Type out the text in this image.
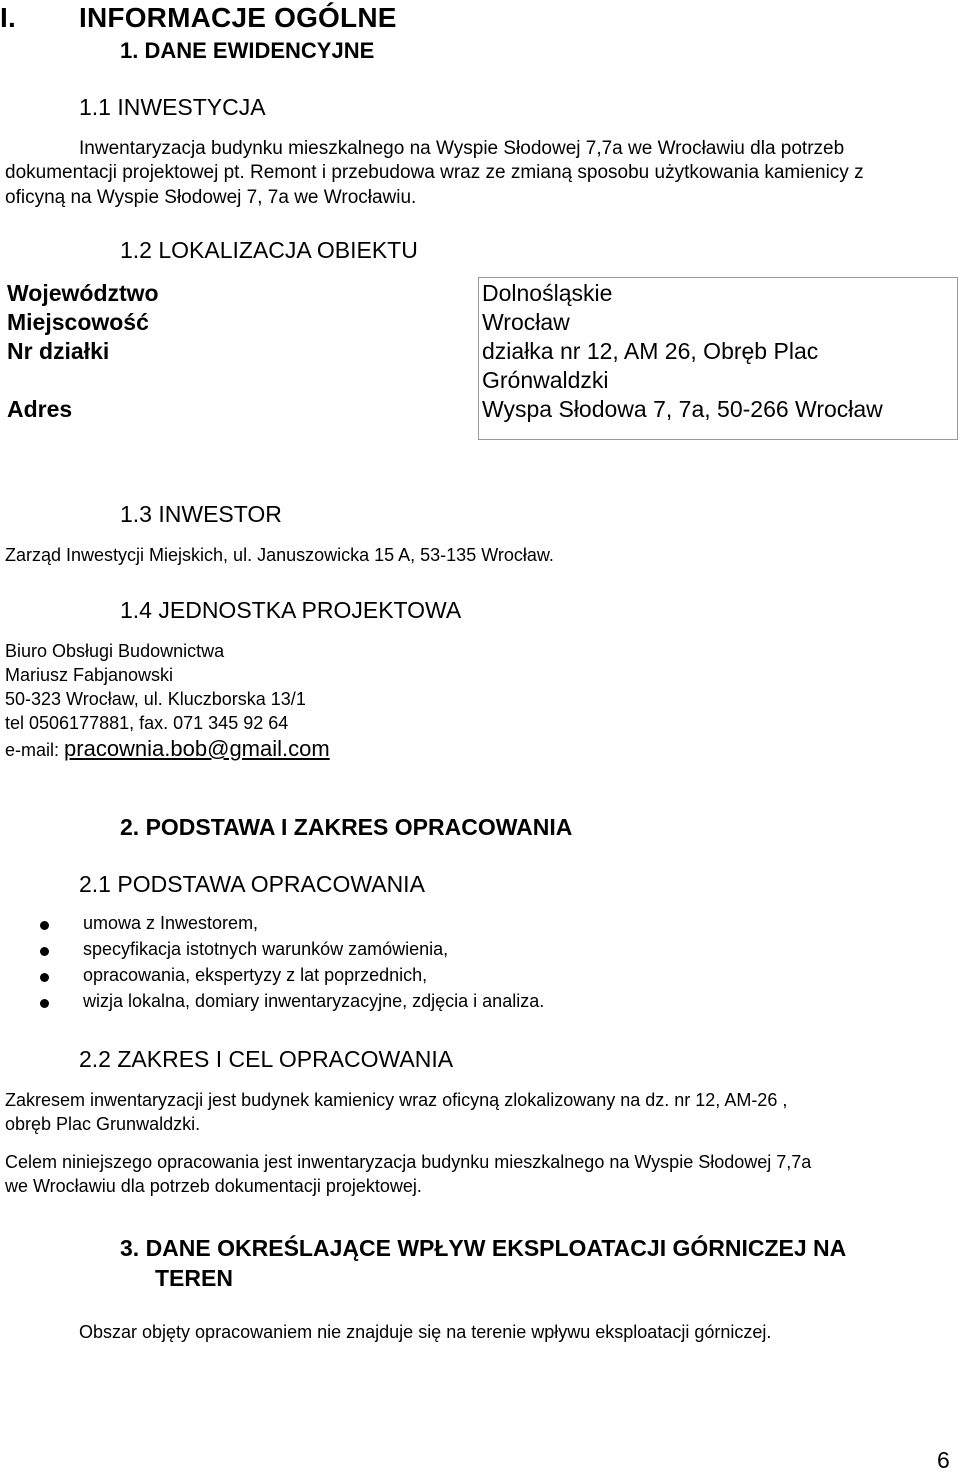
I. INFORMACJE OGÓLNE
1. DANE EWIDENCYJNE
1.1 INWESTYCJA
Inwentaryzacja budynku mieszkalnego na Wyspie Słodowej 7,7a we Wrocławiu dla potrzeb
dokumentacji projektowej pt. Remont i przebudowa wraz ze zmianą sposobu użytkowania kamienicy z
oficyną na Wyspie Słodowej 7, 7a we Wrocławiu.
1.2 LOKALIZACJA OBIEKTU
Województwo
Miejscowość
Nr działki
Adres
Dolnośląskie
Wrocław
działka nr 12, AM 26, Obręb Plac
Grónwaldzki
Wyspa Słodowa 7, 7a, 50-266 Wrocław
1.3 INWESTOR
Zarząd Inwestycji Miejskich, ul. Januszowicka 15 A, 53-135 Wrocław.
1.4 JEDNOSTKA PROJEKTOWA
Biuro Obsługi Budownictwa
Mariusz Fabjanowski
50-323 Wrocław, ul. Kluczborska 13/1
tel 0506177881, fax. 071 345 92 64
e-mail: pracownia.bob@gmail.com
2. PODSTAWA I ZAKRES OPRACOWANIA
2.1 PODSTAWA OPRACOWANIA
umowa z Inwestorem,
specyfikacja istotnych warunków zamówienia,
opracowania, ekspertyzy z lat poprzednich,
wizja lokalna, domiary inwentaryzacyjne, zdjęcia i analiza.
2.2 ZAKRES I CEL OPRACOWANIA
Zakresem inwentaryzacji jest budynek kamienicy wraz oficyną zlokalizowany na dz. nr 12, AM-26 ,
obręb Plac Grunwaldzki.
Celem niniejszego opracowania jest inwentaryzacja budynku mieszkalnego na Wyspie Słodowej 7,7a
we Wrocławiu dla potrzeb dokumentacji projektowej.
3. DANE OKREŚLAJĄCE WPŁYW EKSPLOATACJI GÓRNICZEJ NA
TEREN
Obszar objęty opracowaniem nie znajduje się na terenie wpływu eksploatacji górniczej.
6
